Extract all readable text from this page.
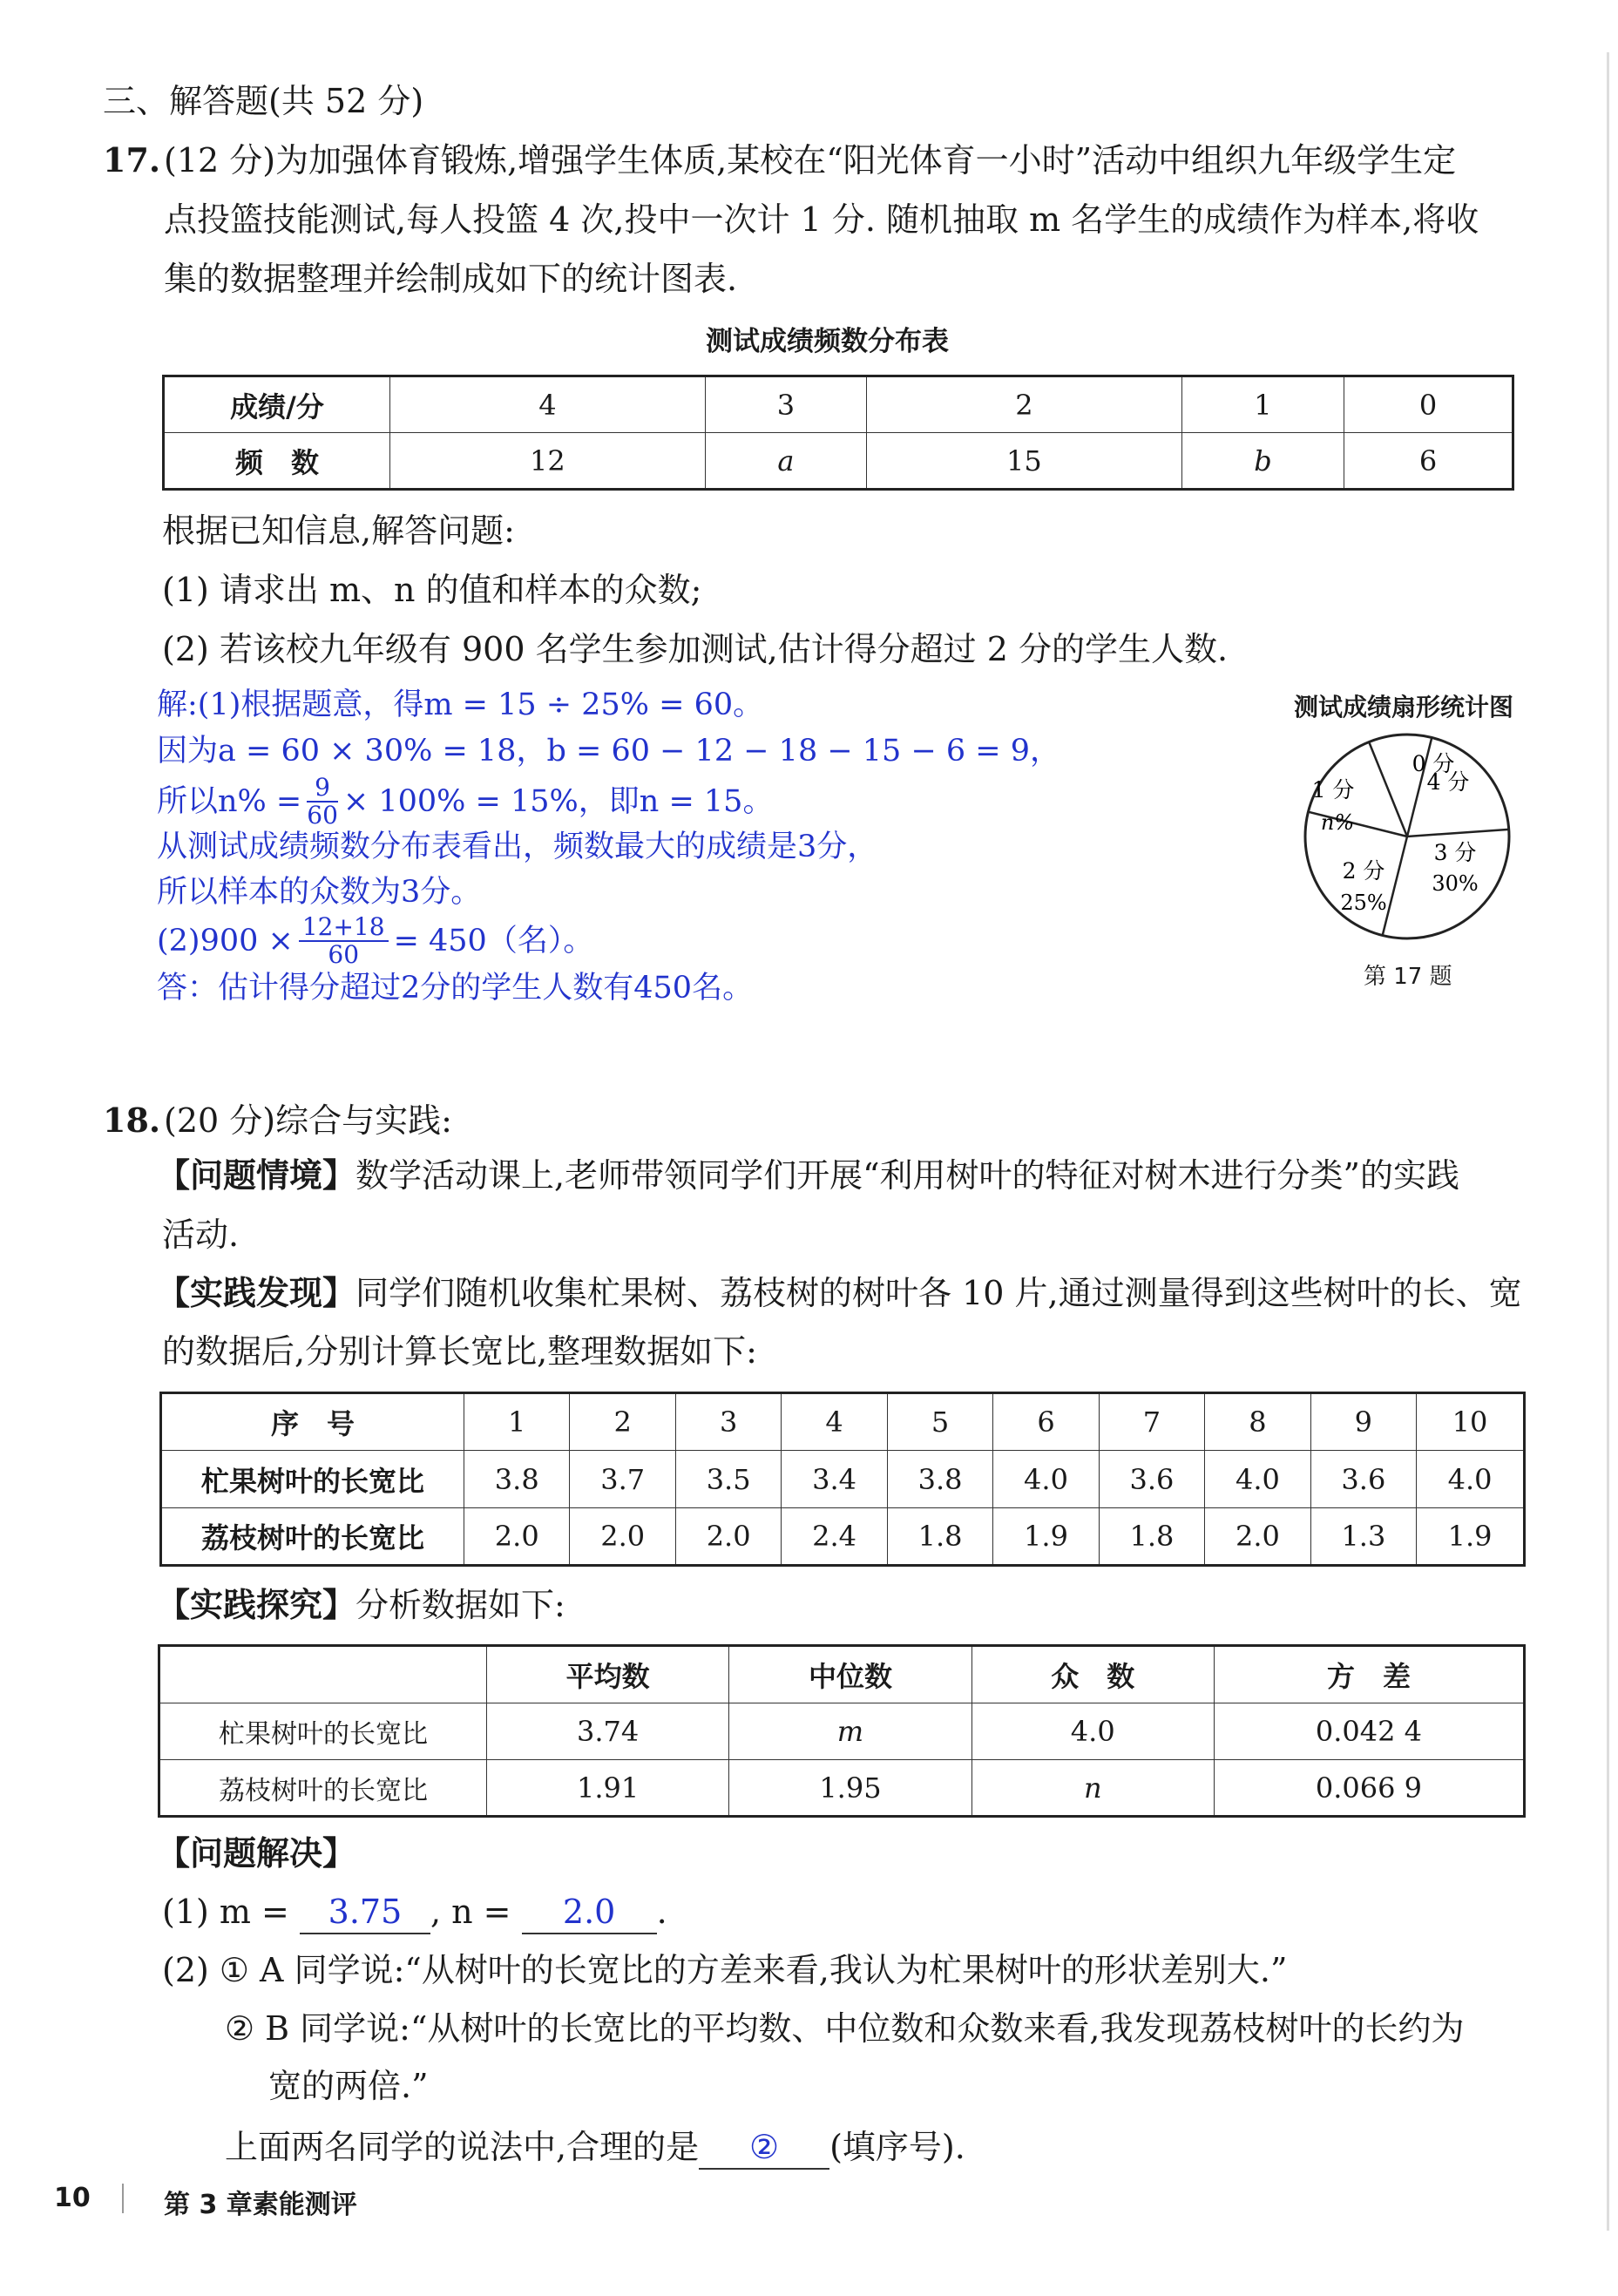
三、解答题(共 52 分)
17. (12 分)为加强体育锻炼,增强学生体质,某校在“阳光体育一小时”活动中组织九年级学生定
点投篮技能测试,每人投篮 4 次,投中一次计 1 分. 随机抽取 m 名学生的成绩作为样本,将收
集的数据整理并绘制成如下的统计图表.
测试成绩频数分布表
成绩/分	4	3	2	1	0
频　数	12	a	15	b	6
根据已知信息,解答问题:
(1) 请求出 m、n 的值和样本的众数;
(2) 若该校九年级有 900 名学生参加测试,估计得分超过 2 分的学生人数.
解:(1)根据题意，得m = 15 ÷ 25% = 60。
因为a = 60 × 30% = 18，b = 60 − 12 − 18 − 15 − 6 = 9，
所以$n\% = \frac{9}{60} \times 100\% = 15\%$，即n = 15。
从测试成绩频数分布表看出，频数最大的成绩是3分，
所以样本的众数为3分。
$(2)900 \times \frac{12+18}{60} = 450$（名）。
答：估计得分超过2分的学生人数有450名。
测试成绩扇形统计图
0 分
1 分
n%
4 分
3 分
30%
2 分
25%
第 17 题
18. (20 分)综合与实践:
【问题情境】数学活动课上,老师带领同学们开展“利用树叶的特征对树木进行分类”的实践
活动.
【实践发现】同学们随机收集杧果树、荔枝树的树叶各 10 片,通过测量得到这些树叶的长、宽
的数据后,分别计算长宽比,整理数据如下:
序　号	1	2	3	4	5	6	7	8	9	10
杧果树叶的长宽比	3.8	3.7	3.5	3.4	3.8	4.0	3.6	4.0	3.6	4.0
荔枝树叶的长宽比	2.0	2.0	2.0	2.4	1.8	1.9	1.8	2.0	1.3	1.9
【实践探究】分析数据如下:
	平均数	中位数	众　数	方　差
杧果树叶的长宽比	3.74	m	4.0	0.042 4
荔枝树叶的长宽比	1.91	1.95	n	0.066 9
【问题解决】
(1) m = 3.75 , n = 2.0 .
(2) ① A 同学说:“从树叶的长宽比的方差来看,我认为杧果树叶的形状差别大.”
② B 同学说:“从树叶的长宽比的平均数、中位数和众数来看,我发现荔枝树叶的长约为
宽的两倍.”
上面两名同学的说法中,合理的是 ② (填序号).
10	第 3 章素能测评
